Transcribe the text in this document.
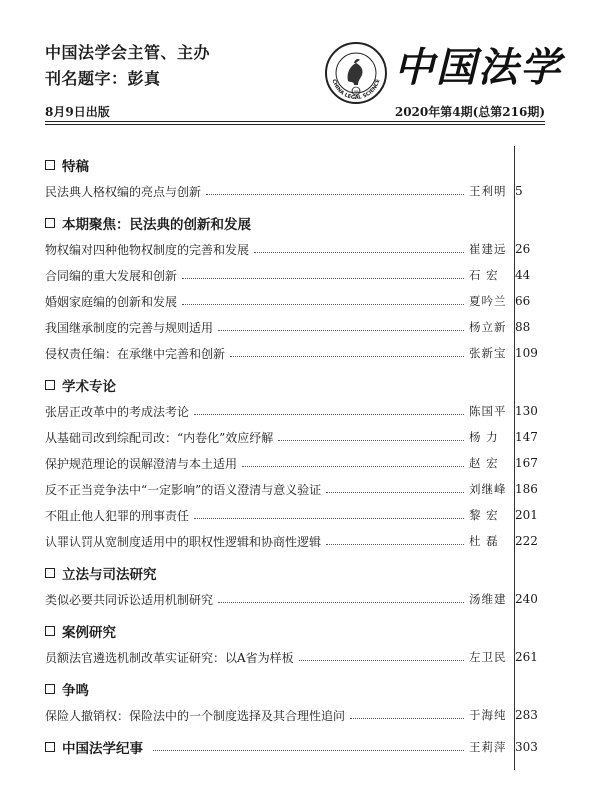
中国法学会主管、主办
刊名题字：彭真	CHINA LEGAL SCIENCE
1984
中国法学
8月9日出版	2020年第4期(总第216期)
特稿
民法典人格权编的亮点与创新	王利明 5
本期聚焦：民法典的创新和发展
物权编对四种他物权制度的完善和发展	崔建远 26
合同编的重大发展和创新	石 宏	44
婚姻家庭编的创新和发展	夏吟兰 66
我国继承制度的完善与规则适用	杨立新 88
侵权责任编：在承继中完善和创新	张新宝 109
学术专论
张居正改革中的考成法考论	陈国平 130
从基础司改到综配司改：“内卷化”效应纾解	杨 力	147
保护规范理论的误解澄清与本土适用	赵 宏	167
反不正当竞争法中“一定影响”的语义澄清与意义验证	刘继峰 186
不阻止他人犯罪的刑事责任	黎 宏	201
认罪认罚从宽制度适用中的职权性逻辑和协商性逻辑	杜 磊	222
立法与司法研究
类似必要共同诉讼适用机制研究	汤维建 240
案例研究
员额法官遴选机制改革实证研究：以A省为样板	左卫民 261
争鸣
保险人撤销权：保险法中的一个制度选择及其合理性追问	于海纯 283
中国法学纪事	王莉萍 303
